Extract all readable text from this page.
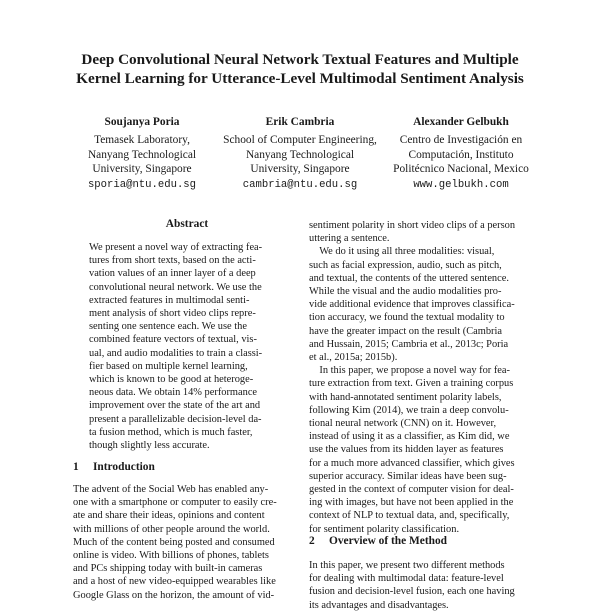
Deep Convolutional Neural Network Textual Features and Multiple
Kernel Learning for Utterance-Level Multimodal Sentiment Analysis
Soujanya Poria
Temasek Laboratory,
Nanyang Technological
University, Singapore
sporia@ntu.edu.sg
Erik Cambria
School of Computer Engineering,
Nanyang Technological
University, Singapore
cambria@ntu.edu.sg
Alexander Gelbukh
Centro de Investigación en
Computación, Instituto
Politécnico Nacional, Mexico
www.gelbukh.com
Abstract
We present a novel way of extracting fea-
tures from short texts, based on the acti-
vation values of an inner layer of a deep
convolutional neural network. We use the
extracted features in multimodal senti-
ment analysis of short video clips repre-
senting one sentence each. We use the
combined feature vectors of textual, vis-
ual, and audio modalities to train a classi-
fier based on multiple kernel learning,
which is known to be good at heteroge-
neous data. We obtain 14% performance
improvement over the state of the art and
present a parallelizable decision-level da-
ta fusion method, which is much faster,
though slightly less accurate.
1 Introduction
The advent of the Social Web has enabled any-
one with a smartphone or computer to easily cre-
ate and share their ideas, opinions and content
with millions of other people around the world.
Much of the content being posted and consumed
online is video. With billions of phones, tablets
and PCs shipping today with built-in cameras
and a host of new video-equipped wearables like
Google Glass on the horizon, the amount of vid-
sentiment polarity in short video clips of a person
uttering a sentence.
We do it using all three modalities: visual,
such as facial expression, audio, such as pitch,
and textual, the contents of the uttered sentence.
While the visual and the audio modalities pro-
vide additional evidence that improves classifica-
tion accuracy, we found the textual modality to
have the greater impact on the result (Cambria
and Hussain, 2015; Cambria et al., 2013c; Poria
et al., 2015a; 2015b).
In this paper, we propose a novel way for fea-
ture extraction from text. Given a training corpus
with hand-annotated sentiment polarity labels,
following Kim (2014), we train a deep convolu-
tional neural network (CNN) on it. However,
instead of using it as a classifier, as Kim did, we
use the values from its hidden layer as features
for a much more advanced classifier, which gives
superior accuracy. Similar ideas have been sug-
gested in the context of computer vision for deal-
ing with images, but have not been applied in the
context of NLP to textual data, and, specifically,
for sentiment polarity classification.
2 Overview of the Method
In this paper, we present two different methods
for dealing with multimodal data: feature-level
fusion and decision-level fusion, each one having
its advantages and disadvantages.
